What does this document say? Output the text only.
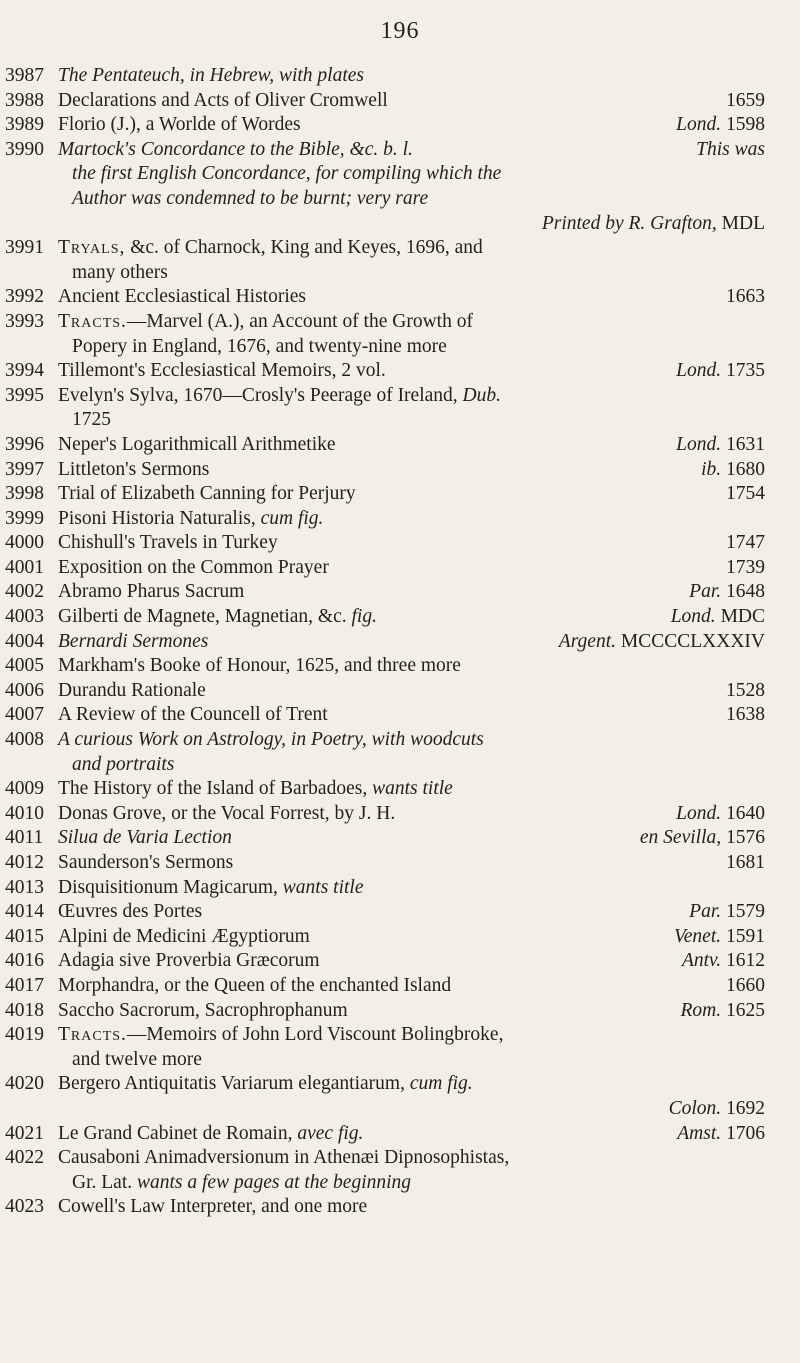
196
3987 The Pentateuch, in Hebrew, with plates
3988 Declarations and Acts of Oliver Cromwell	1659
3989 Florio (J.), a Worlde of Wordes	Lond. 1598
3990 Martock's Concordance to the Bible, &c. b. l.	This was
the first English Concordance, for compiling which the
Author was condemned to be burnt; very rare
Printed by R. Grafton, MDL
3991 Tryals, &c. of Charnock, King and Keyes, 1696, and
many others
3992 Ancient Ecclesiastical Histories	1663
3993 Tracts.—Marvel (A.), an Account of the Growth of
Popery in England, 1676, and twenty-nine more
3994 Tillemont's Ecclesiastical Memoirs, 2 vol.	Lond. 1735
3995 Evelyn's Sylva, 1670—Crosly's Peerage of Ireland, Dub.
1725
3996 Neper's Logarithmicall Arithmetike	Lond. 1631
3997 Littleton's Sermons	ib. 1680
3998 Trial of Elizabeth Canning for Perjury	1754
3999 Pisoni Historia Naturalis, cum fig.
4000 Chishull's Travels in Turkey	1747
4001 Exposition on the Common Prayer	1739
4002 Abramo Pharus Sacrum	Par. 1648
4003 Gilberti de Magnete, Magnetian, &c. fig.	Lond. MDC
4004 Bernardi Sermones	Argent. MCCCCLXXXIV
4005 Markham's Booke of Honour, 1625, and three more
4006 Durandu Rationale	1528
4007 A Review of the Councell of Trent	1638
4008 A curious Work on Astrology, in Poetry, with woodcuts
and portraits
4009 The History of the Island of Barbadoes, wants title
4010 Donas Grove, or the Vocal Forrest, by J. H.	Lond. 1640
4011 Silua de Varia Lection	en Sevilla, 1576
4012 Saunderson's Sermons	1681
4013 Disquisitionum Magicarum, wants title
4014 Œuvres des Portes	Par. 1579
4015 Alpini de Medicini Ægyptiorum	Venet. 1591
4016 Adagia sive Proverbia Græcorum	Antv. 1612
4017 Morphandra, or the Queen of the enchanted Island	1660
4018 Saccho Sacrorum, Sacrophrophanum	Rom. 1625
4019 Tracts.—Memoirs of John Lord Viscount Bolingbroke,
and twelve more
4020 Bergero Antiquitatis Variarum elegantiarum, cum fig.
Colon. 1692
4021 Le Grand Cabinet de Romain, avec fig.	Amst. 1706
4022 Causaboni Animadversionum in Athenæi Dipnosophistas,
Gr. Lat. wants a few pages at the beginning
4023 Cowell's Law Interpreter, and one more
